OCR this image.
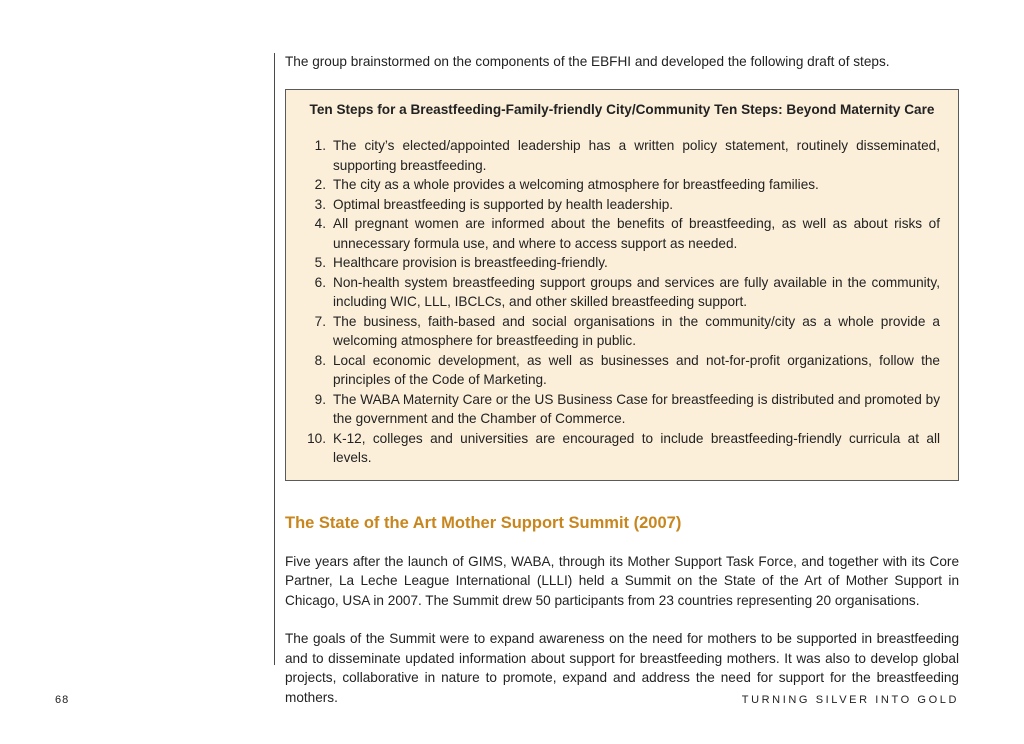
The group brainstormed on the components of the EBFHI and developed the following draft of steps.

Ten Steps for a Breastfeeding-Family-friendly City/Community Ten Steps: Beyond Maternity Care
1. The city’s elected/appointed leadership has a written policy statement, routinely disseminated, supporting breastfeeding.
2. The city as a whole provides a welcoming atmosphere for breastfeeding families.
3. Optimal breastfeeding is supported by health leadership.
4. All pregnant women are informed about the benefits of breastfeeding, as well as about risks of unnecessary formula use, and where to access support as needed.
5. Healthcare provision is breastfeeding-friendly.
6. Non-health system breastfeeding support groups and services are fully available in the community, including WIC, LLL, IBCLCs, and other skilled breastfeeding support.
7. The business, faith-based and social organisations in the community/city as a whole provide a welcoming atmosphere for breastfeeding in public.
8. Local economic development, as well as businesses and not-for-profit organizations, follow the principles of the Code of Marketing.
9. The WABA Maternity Care or the US Business Case for breastfeeding is distributed and promoted by the government and the Chamber of Commerce.
10. K-12, colleges and universities are encouraged to include breastfeeding-friendly curricula at all levels.
The State of the Art Mother Support Summit (2007)

Five years after the launch of GIMS, WABA, through its Mother Support Task Force, and together with its Core Partner, La Leche League International (LLLI) held a Summit on the State of the Art of Mother Support in Chicago, USA in 2007. The Summit drew 50 participants from 23 countries representing 20 organisations.

The goals of the Summit were to expand awareness on the need for mothers to be supported in breastfeeding and to disseminate updated information about support for breastfeeding mothers. It was also to develop global projects, collaborative in nature to promote, expand and address the need for support for the breastfeeding mothers.

68	TURNING SILVER INTO GOLD
